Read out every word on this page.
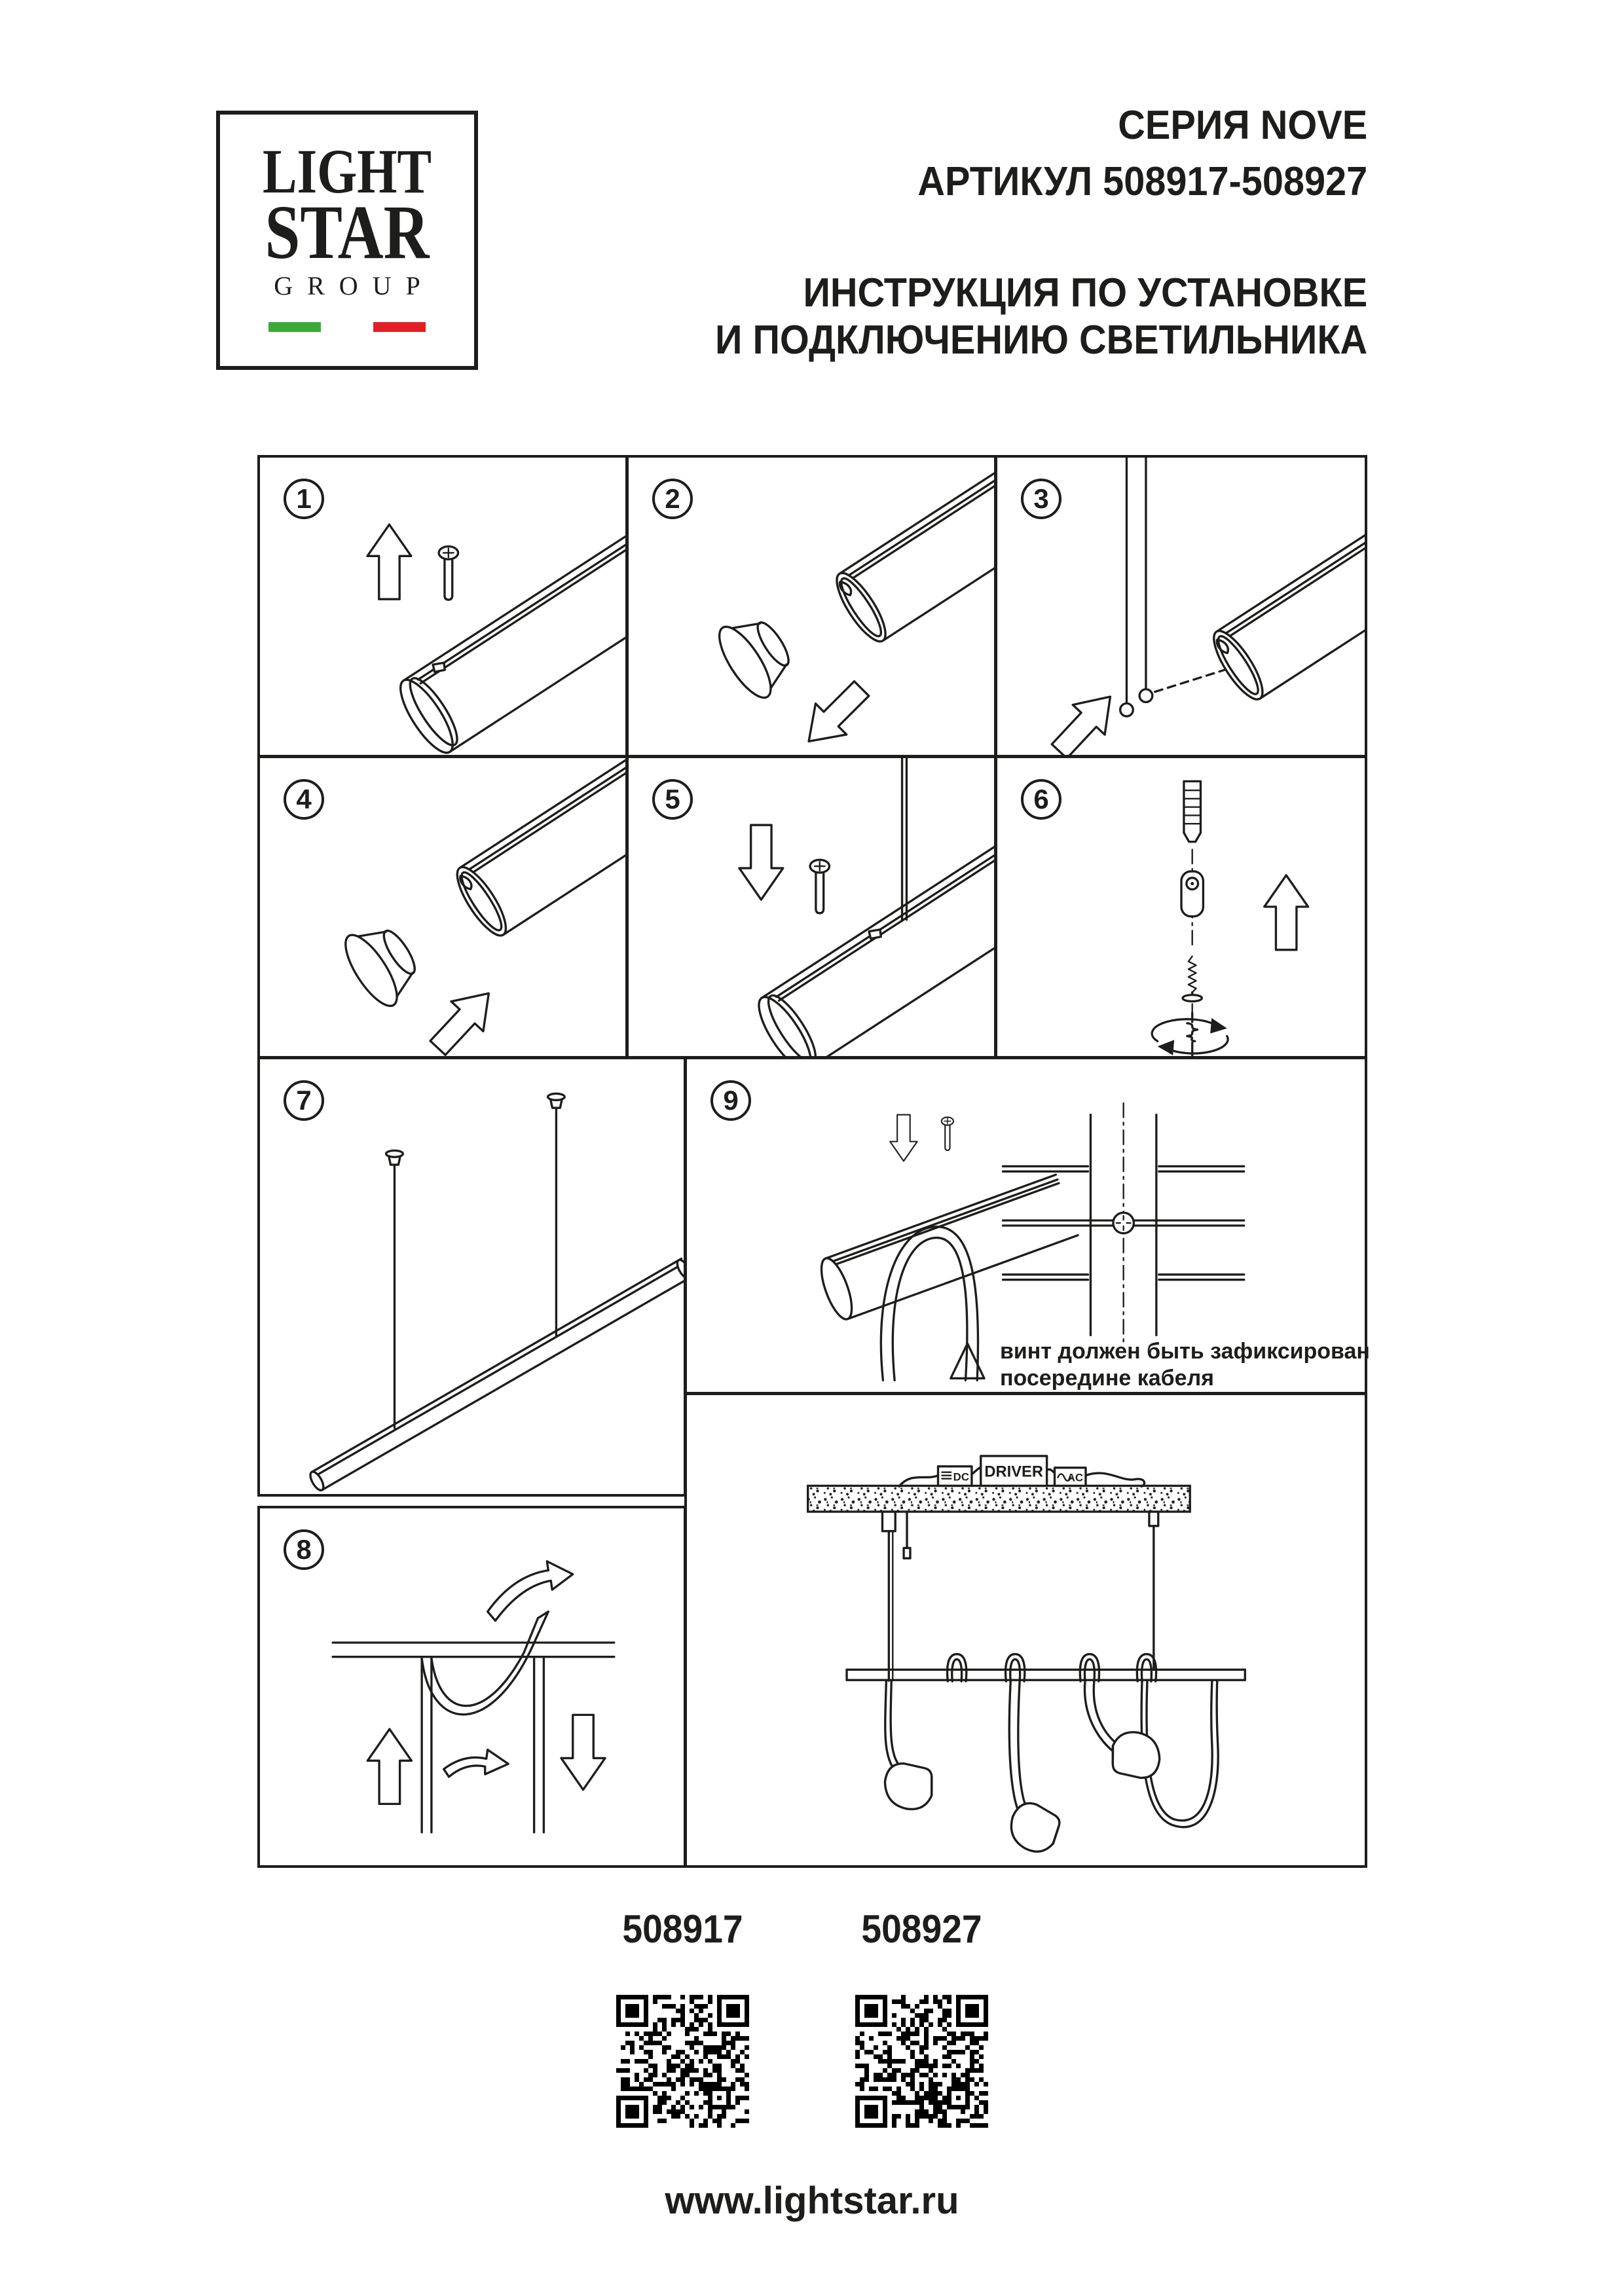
LIGHT
STAR
GROUP
СЕРИЯ NOVE
АРТИКУЛ 508917-508927
ИНСТРУКЦИЯ ПО УСТАНОВКЕ
И ПОДКЛЮЧЕНИЮ СВЕТИЛЬНИКА
1	2	3
4	5	6
7	9
винт должен быть зафиксирован
посередине кабеля
8
DC DRIVER AC
508917	508927
www.lightstar.ru
